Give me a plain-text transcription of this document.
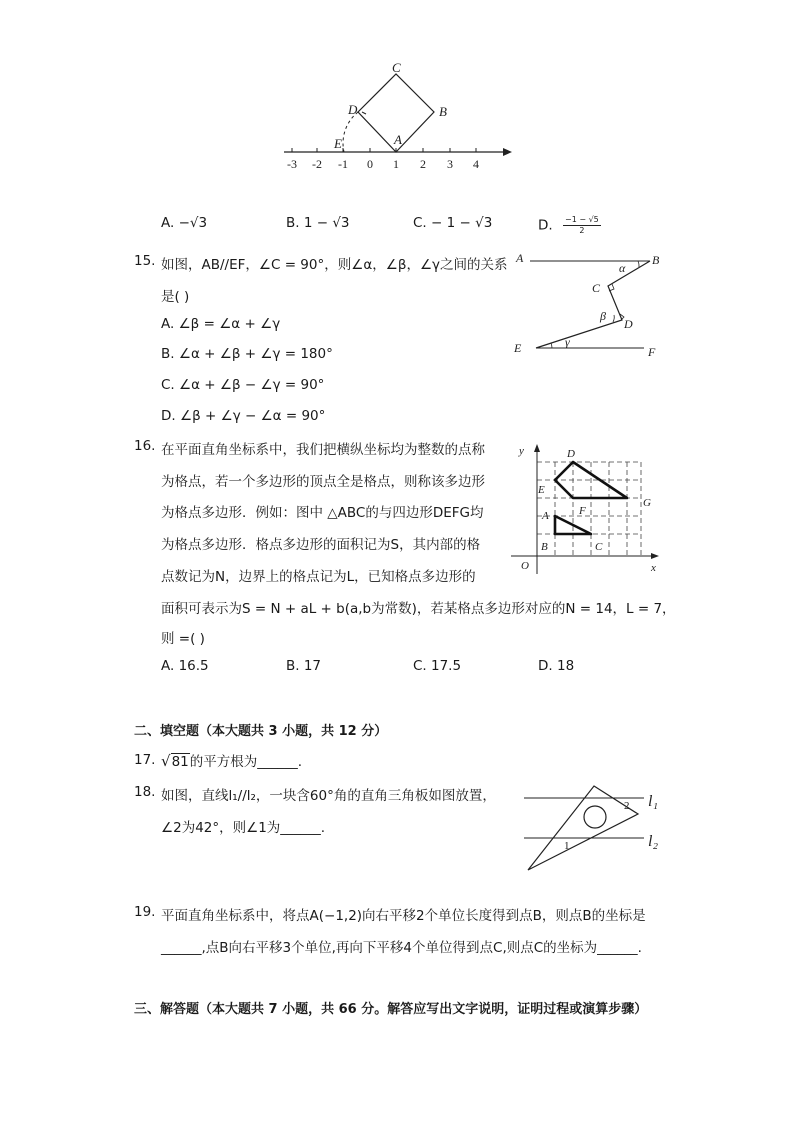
-3 -2 -1 0 1 2 3 4
C
B
D
A
E
A. −√3	B. 1 − √3	C. − 1 − √3	D. $\frac{-1 - √5}{2}$
15. 如图，AB//EF，∠C = 90°，则∠α，∠β，∠γ之间的关系
是( )
A. ∠β = ∠α + ∠γ
B. ∠α + ∠β + ∠γ = 180°
C. ∠α + ∠β − ∠γ = 90°
D. ∠β + ∠γ − ∠α = 90°
A	B
C
D
E	F
α
β
γ
16. 在平面直角坐标系中，我们把横纵坐标均为整数的点称
为格点，若一个多边形的顶点全是格点，则称该多边形
为格点多边形．例如：图中 △ABC的与四边形DEFG均
为格点多边形．格点多边形的面积记为S，其内部的格
点数记为N，边界上的格点记为L，已知格点多边形的
面积可表示为S = N + aL + b(a,b为常数)，若某格点多边形对应的N = 14，L = 7，
则 =( )
A. 16.5	B. 17	C. 17.5	D. 18
y
x
O
D
E
G
A	F
B	C
二、填空题（本大题共 3 小题，共 12 分）
17. √81的平方根为______.
18. 如图，直线l₁//l₂，一块含60°角的直角三角板如图放置，
∠2为42°，则∠1为______.
l₁
l₂
2
1
19. 平面直角坐标系中，将点A(−1,2)向右平移2个单位长度得到点B，则点B的坐标是
______,点B向右平移3个单位,再向下平移4个单位得到点C,则点C的坐标为______.
三、解答题（本大题共 7 小题，共 66 分。解答应写出文字说明，证明过程或演算步骤）
